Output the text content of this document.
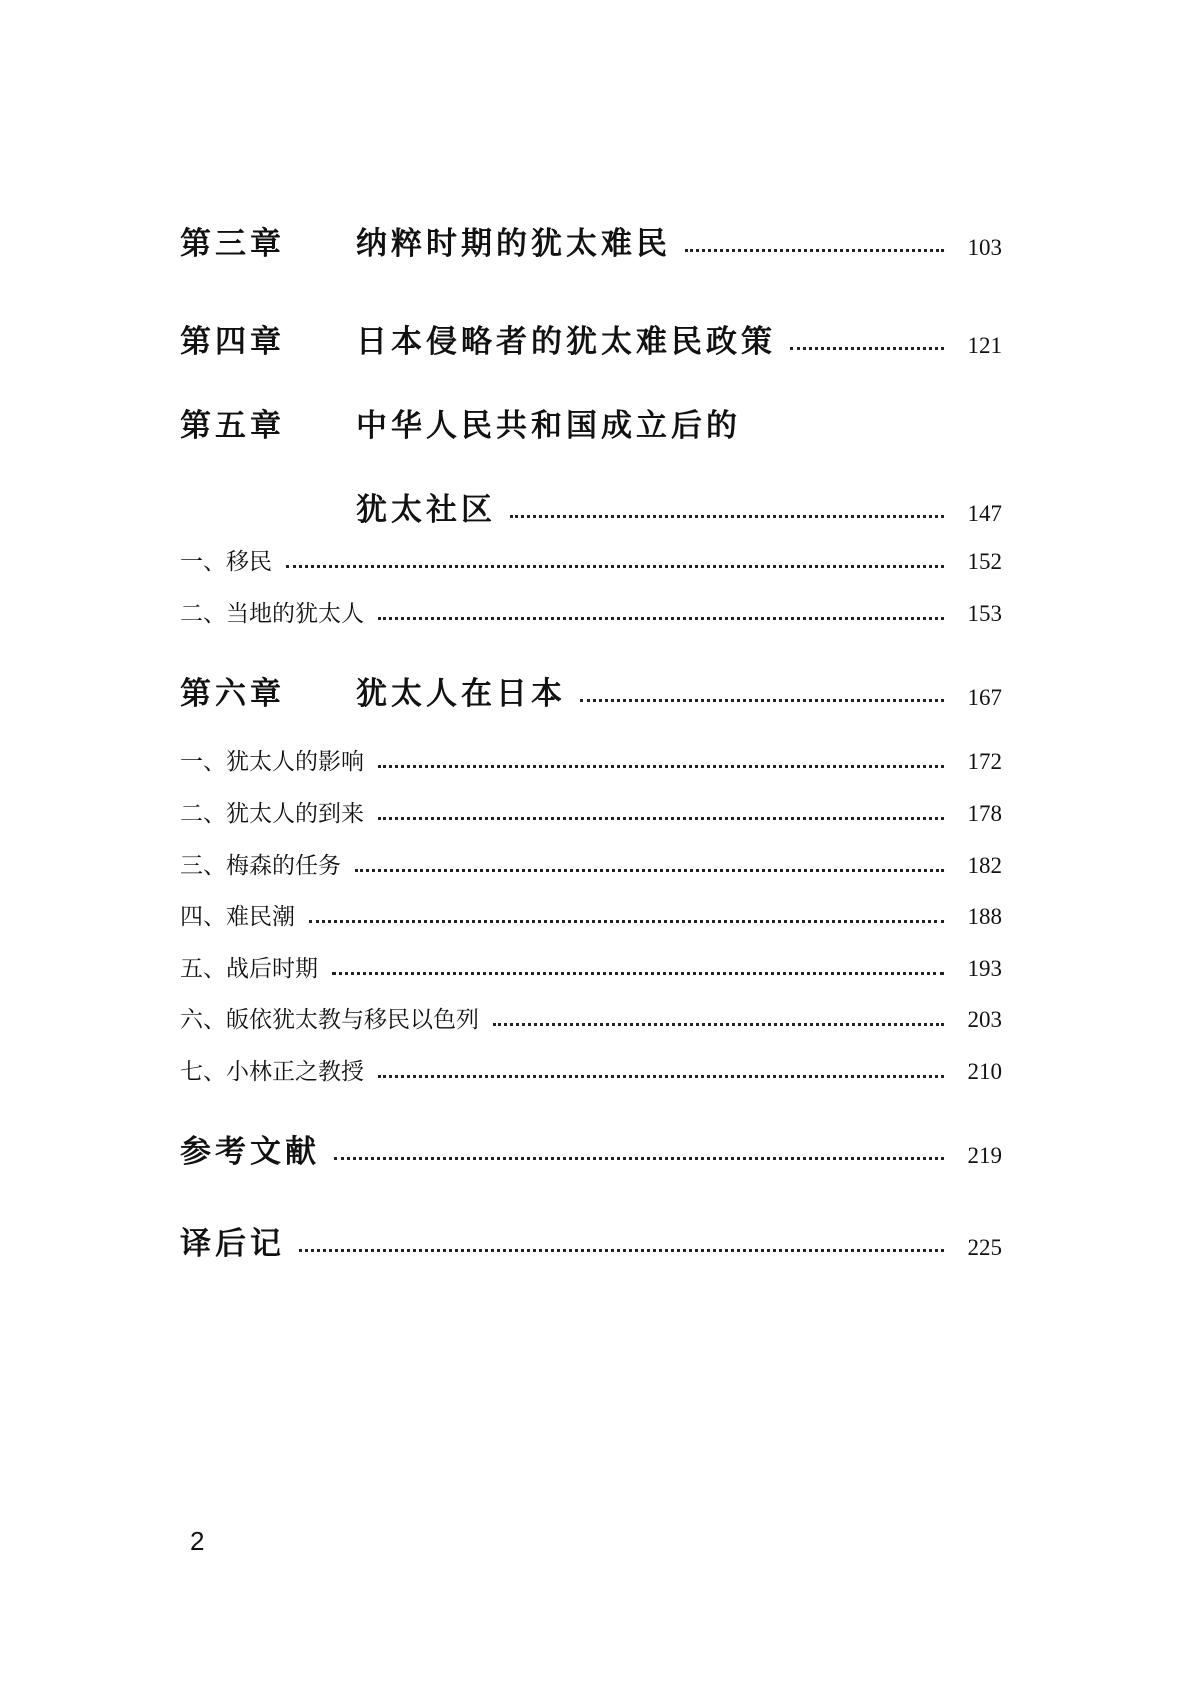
第三章	纳粹时期的犹太难民	103
第四章	日本侵略者的犹太难民政策	121
第五章	中华人民共和国成立后的
犹太社区	147
一、移民	152
二、当地的犹太人	153
第六章	犹太人在日本	167
一、犹太人的影响	172
二、犹太人的到来	178
三、梅森的任务	182
四、难民潮	188
五、战后时期	193
六、皈依犹太教与移民以色列	203
七、小林正之教授	210
参考文献	219
译后记	225
2
